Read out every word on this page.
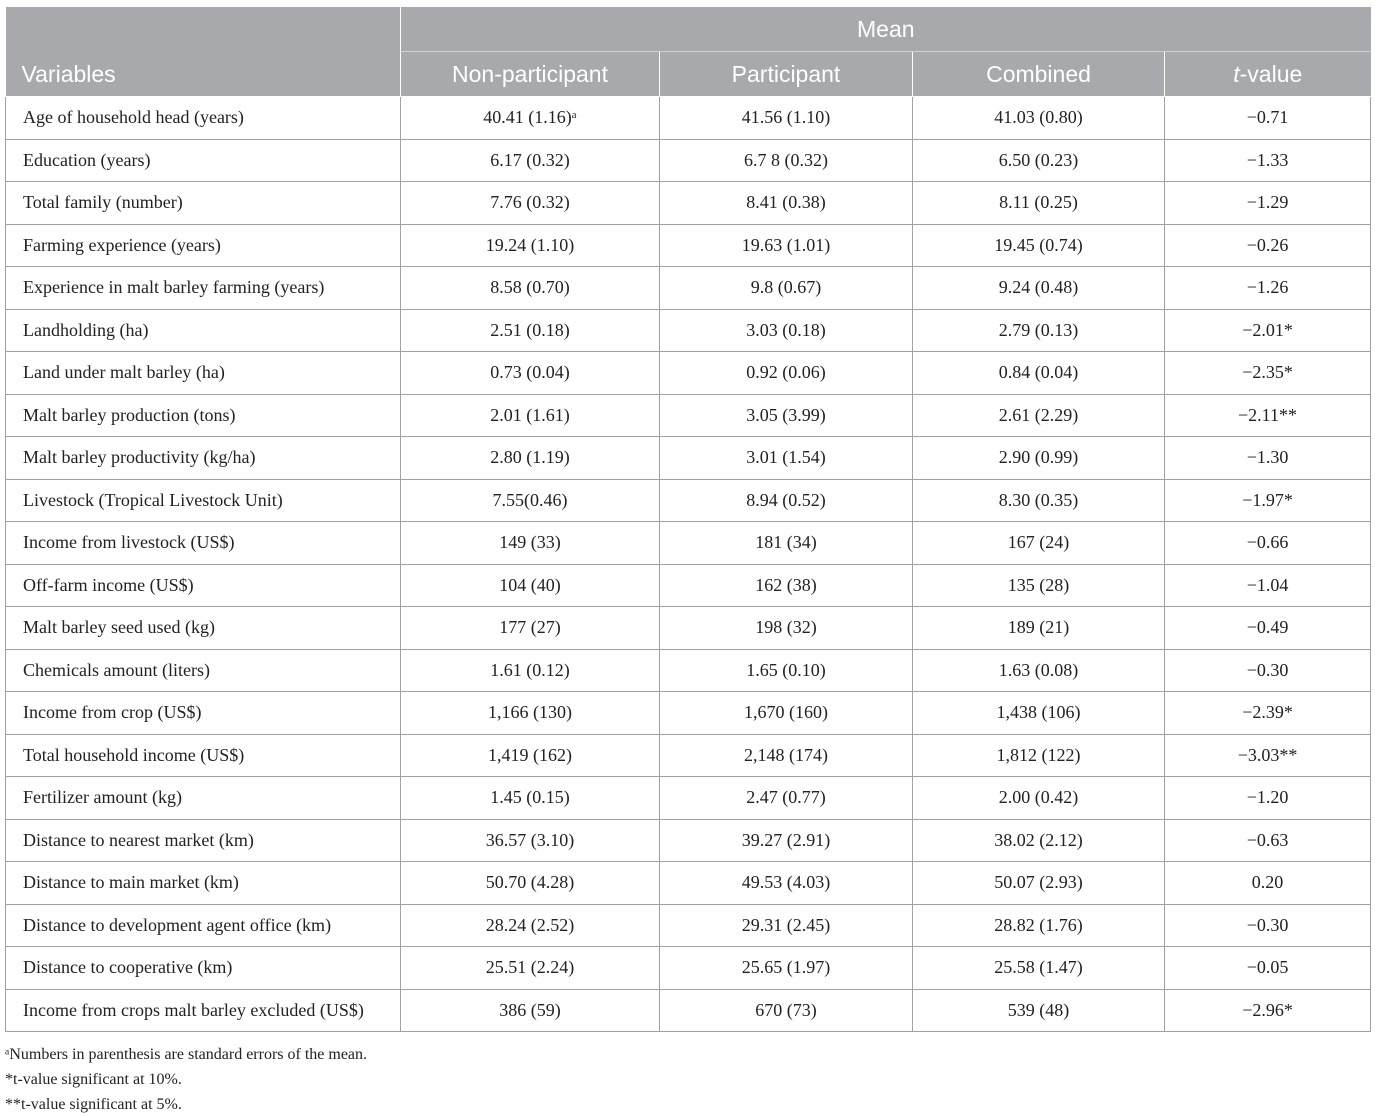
Variables	Mean			
	Non-participant	Participant	Combined	t-value
Age of household head (years)	40.41 (1.16)ᵃ	41.56 (1.10)	41.03 (0.80)	−0.71
Education (years)	6.17 (0.32)	6.7 8 (0.32)	6.50 (0.23)	−1.33
Total family (number)	7.76 (0.32)	8.41 (0.38)	8.11 (0.25)	−1.29
Farming experience (years)	19.24 (1.10)	19.63 (1.01)	19.45 (0.74)	−0.26
Experience in malt barley farming (years)	8.58 (0.70)	9.8 (0.67)	9.24 (0.48)	−1.26
Landholding (ha)	2.51 (0.18)	3.03 (0.18)	2.79 (0.13)	−2.01*
Land under malt barley (ha)	0.73 (0.04)	0.92 (0.06)	0.84 (0.04)	−2.35*
Malt barley production (tons)	2.01 (1.61)	3.05 (3.99)	2.61 (2.29)	−2.11**
Malt barley productivity (kg/ha)	2.80 (1.19)	3.01 (1.54)	2.90 (0.99)	−1.30
Livestock (Tropical Livestock Unit)	7.55(0.46)	8.94 (0.52)	8.30 (0.35)	−1.97*
Income from livestock (US$)	149 (33)	181 (34)	167 (24)	−0.66
Off-farm income (US$)	104 (40)	162 (38)	135 (28)	−1.04
Malt barley seed used (kg)	177 (27)	198 (32)	189 (21)	−0.49
Chemicals amount (liters)	1.61 (0.12)	1.65 (0.10)	1.63 (0.08)	−0.30
Income from crop (US$)	1,166 (130)	1,670 (160)	1,438 (106)	−2.39*
Total household income (US$)	1,419 (162)	2,148 (174)	1,812 (122)	−3.03**
Fertilizer amount (kg)	1.45 (0.15)	2.47 (0.77)	2.00 (0.42)	−1.20
Distance to nearest market (km)	36.57 (3.10)	39.27 (2.91)	38.02 (2.12)	−0.63
Distance to main market (km)	50.70 (4.28)	49.53 (4.03)	50.07 (2.93)	0.20
Distance to development agent office (km)	28.24 (2.52)	29.31 (2.45)	28.82 (1.76)	−0.30
Distance to cooperative (km)	25.51 (2.24)	25.65 (1.97)	25.58 (1.47)	−0.05
Income from crops malt barley excluded (US$)	386 (59)	670 (73)	539 (48)	−2.96*
ᵃNumbers in parenthesis are standard errors of the mean.
*t-value significant at 10%.
**t-value significant at 5%.
